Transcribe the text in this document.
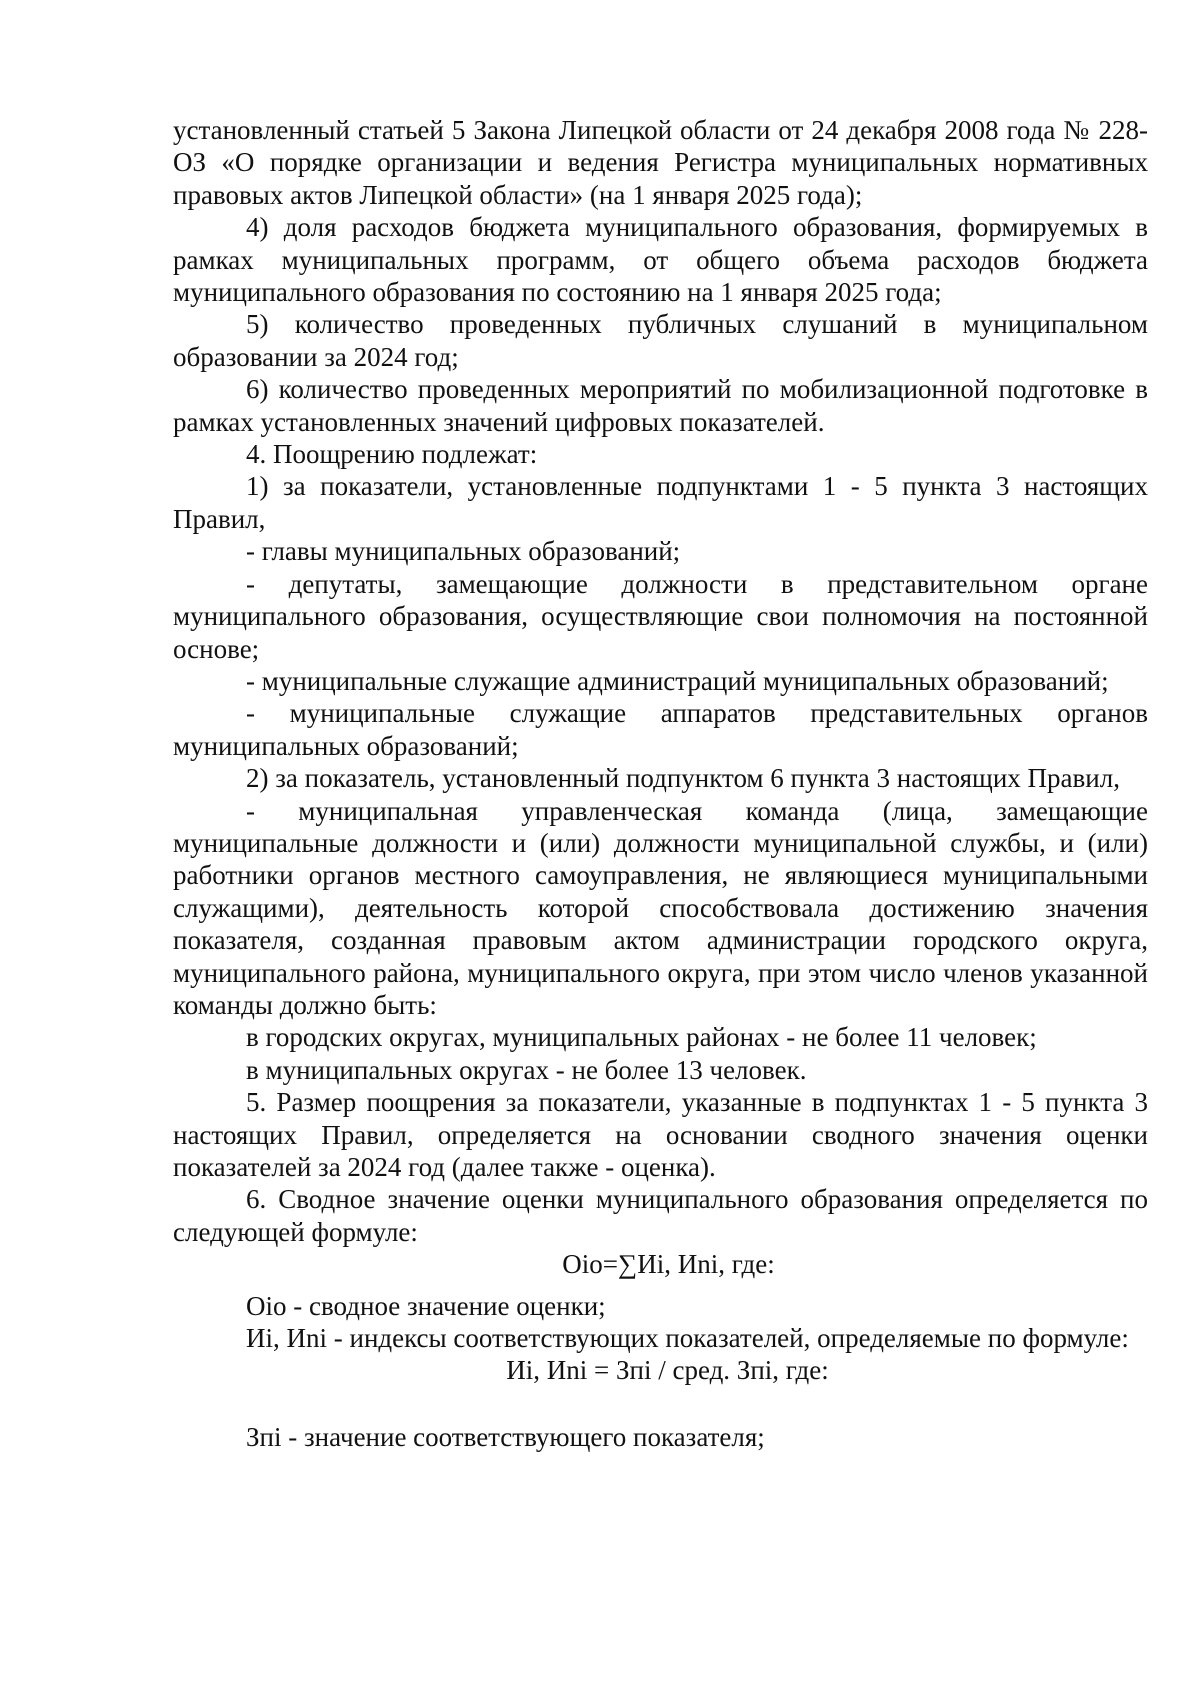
установленный статьей 5 Закона Липецкой области от 24 декабря 2008 года № 228-ОЗ «О порядке организации и ведения Регистра муниципальных нормативных правовых актов Липецкой области» (на 1 января 2025 года);

4) доля расходов бюджета муниципального образования, формируемых в рамках муниципальных программ, от общего объема расходов бюджета муниципального образования по состоянию на 1 января 2025 года;

5) количество проведенных публичных слушаний в муниципальном образовании за 2024 год;

6) количество проведенных мероприятий по мобилизационной подготовке в рамках установленных значений цифровых показателей.

4. Поощрению подлежат:

1) за показатели, установленные подпунктами 1 - 5 пункта 3 настоящих Правил,

- главы муниципальных образований;

- депутаты, замещающие должности в представительном органе муниципального образования, осуществляющие свои полномочия на постоянной основе;

- муниципальные служащие администраций муниципальных образований;

- муниципальные служащие аппаратов представительных органов муниципальных образований;

2) за показатель, установленный подпунктом 6 пункта 3 настоящих Правил,

- муниципальная управленческая команда (лица, замещающие муниципальные должности и (или) должности муниципальной службы, и (или) работники органов местного самоуправления, не являющиеся муниципальными служащими), деятельность которой способствовала достижению значения показателя, созданная правовым актом администрации городского округа, муниципального района, муниципального округа, при этом число членов указанной команды должно быть:

в городских округах, муниципальных районах - не более 11 человек;

в муниципальных округах - не более 13 человек.

5. Размер поощрения за показатели, указанные в подпунктах 1 - 5 пункта 3 настоящих Правил, определяется на основании сводного значения оценки показателей за 2024 год (далее также - оценка).

6. Сводное значение оценки муниципального образования определяется по следующей формуле:

Оiо=∑Иi, Иni, где:

Оiо - сводное значение оценки;

Иi, Иni - индексы соответствующих показателей, определяемые по формуле:

Иi, Иni = Зпi / сред. Зпi, где:

Зпi - значение соответствующего показателя;
